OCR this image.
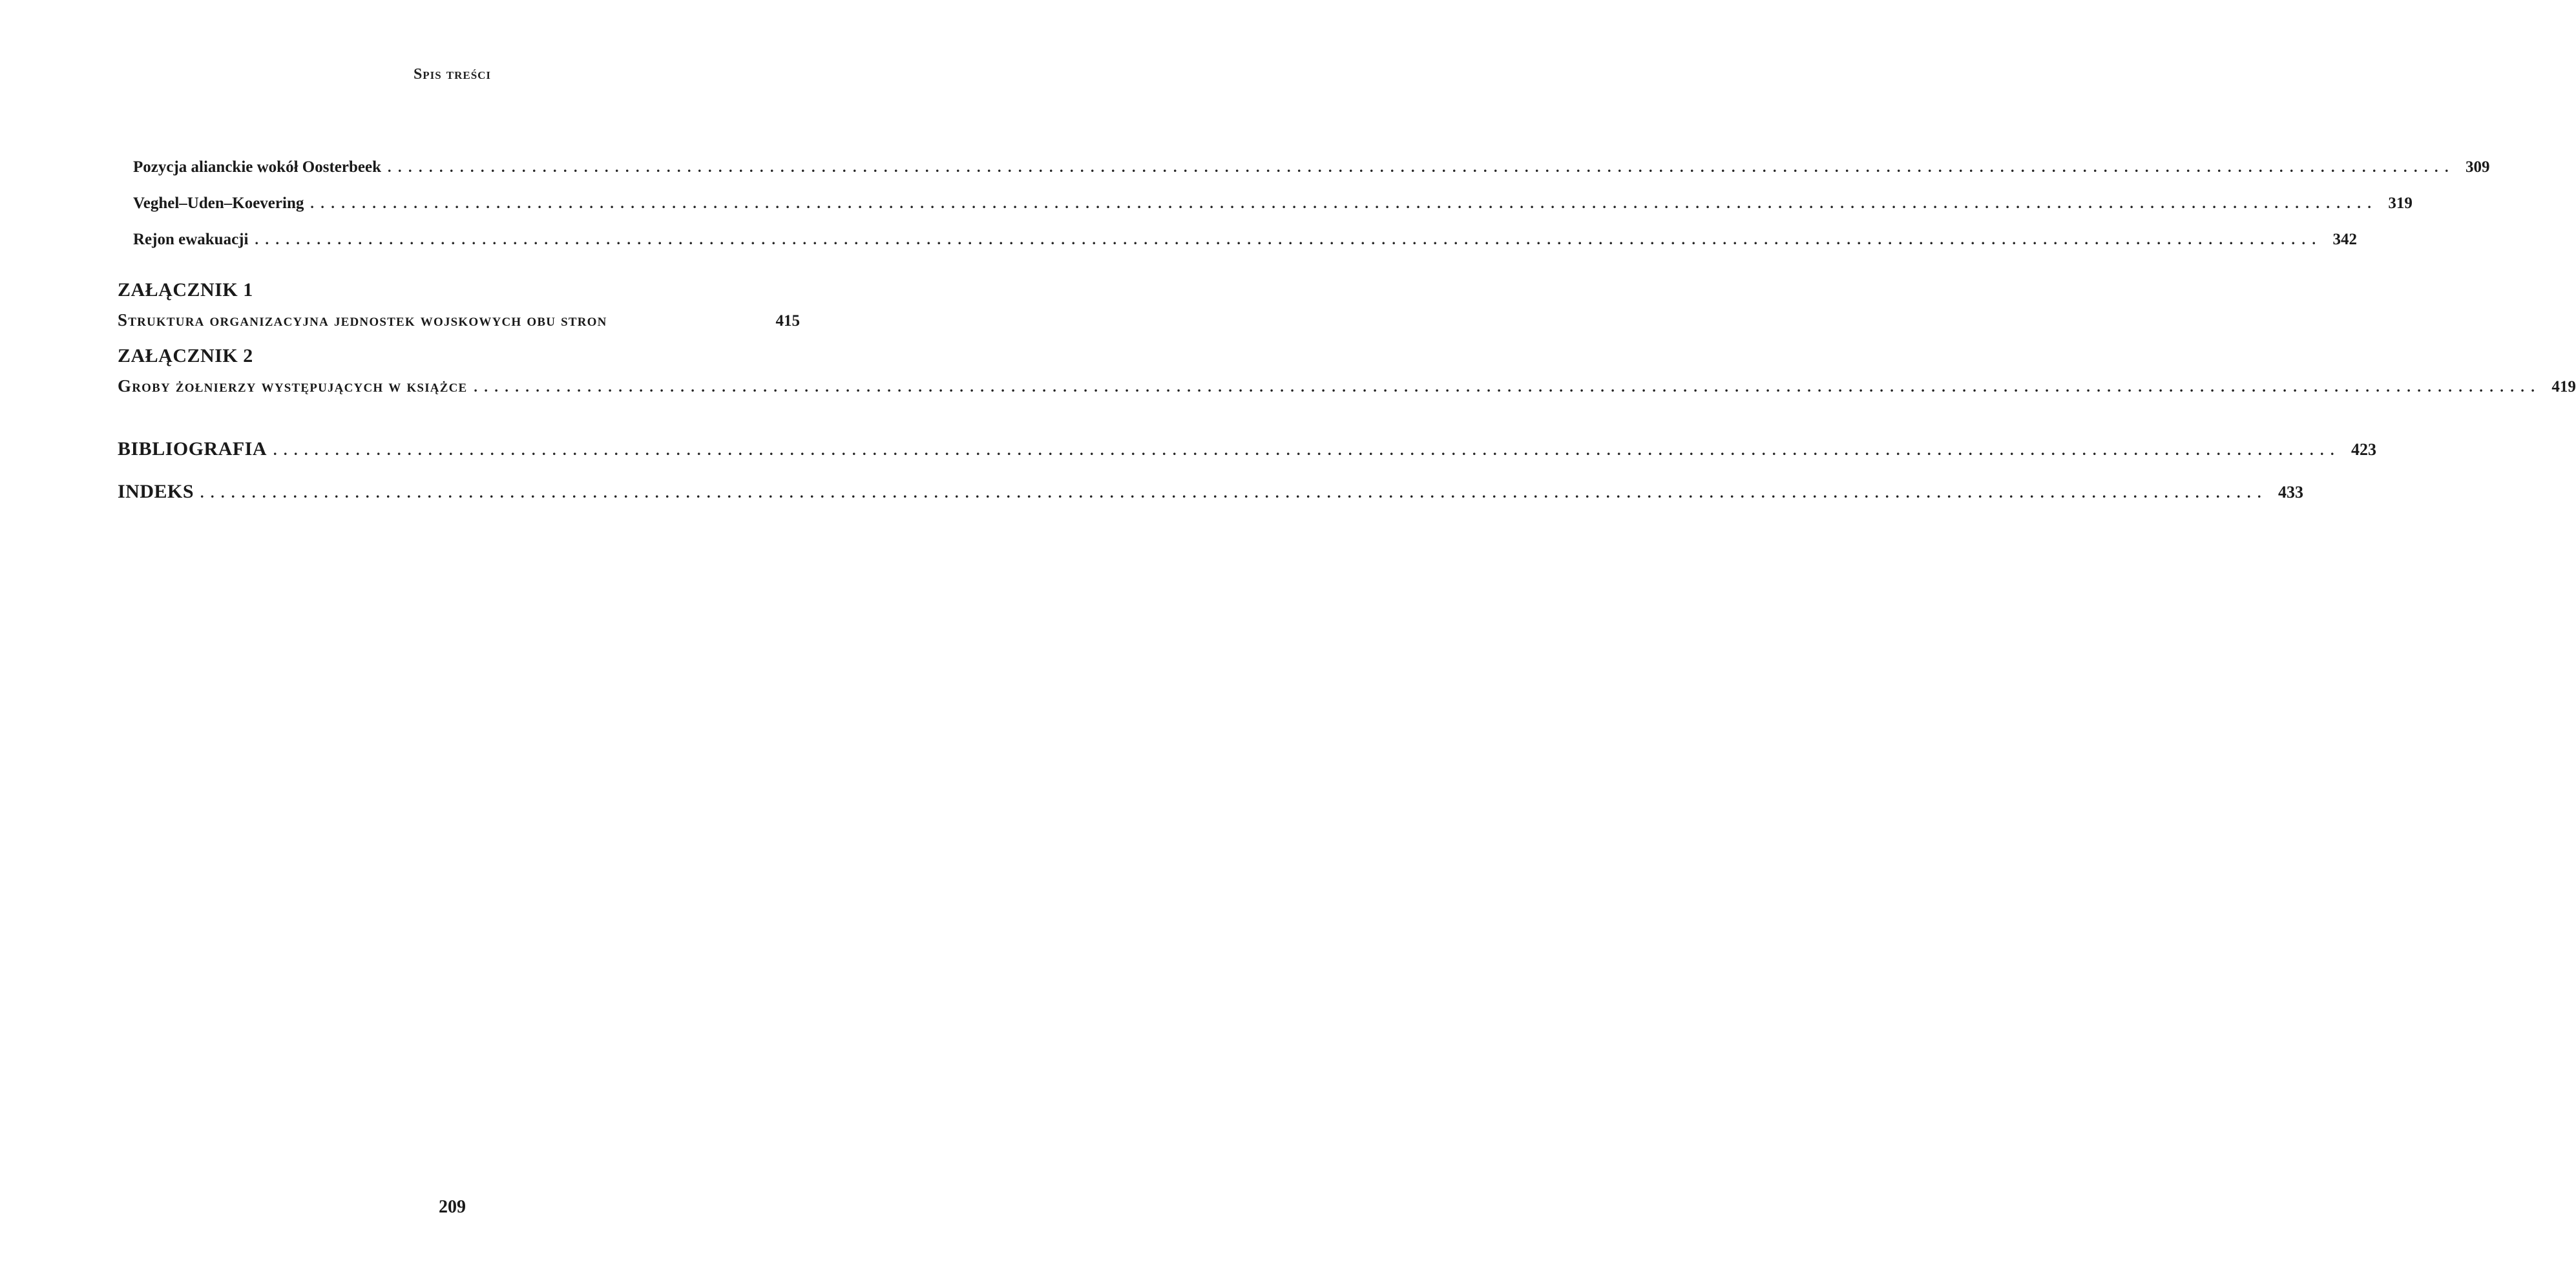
Spis treści
Pozycja alianckie wokół Oosterbeek ........................................................................................................................................................................................................ 309
Veghel–Uden–Koevering ........................................................................................................................................................................................................ 319
Rejon ewakuacji ........................................................................................................................................................................................................ 342
ZAŁĄCZNIK 1
Struktura organizacyjna jednostek wojskowych obu stron	415
ZAŁĄCZNIK 2
Groby żołnierzy występujących w książce ........................................................................................................................................................................................................ 419
BIBLIOGRAFIA ........................................................................................................................................................................................................ 423
INDEKS ........................................................................................................................................................................................................ 433
209
